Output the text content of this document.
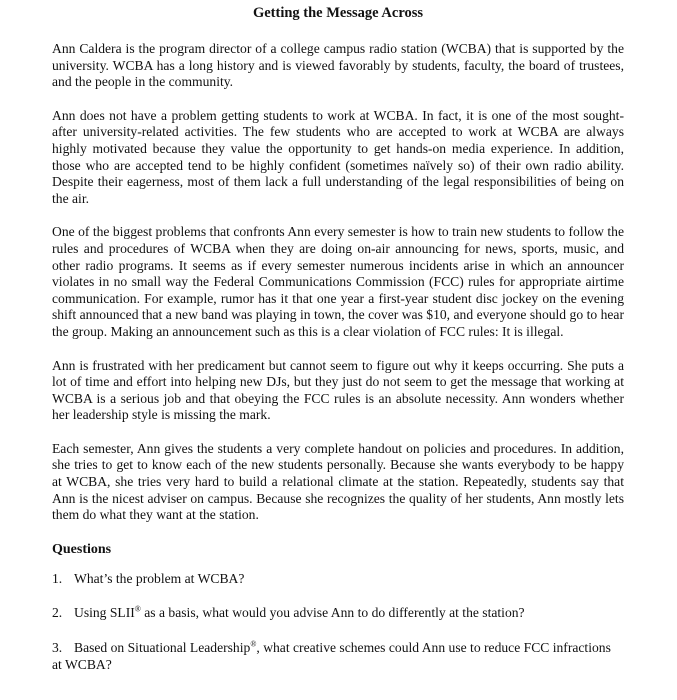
Getting the Message Across

Ann Caldera is the program director of a college campus radio station (WCBA) that is supported by the university. WCBA has a long history and is viewed favorably by students, faculty, the board of trustees, and the people in the community.

Ann does not have a problem getting students to work at WCBA. In fact, it is one of the most sought-after university-related activities. The few students who are accepted to work at WCBA are always highly motivated because they value the opportunity to get hands-on media experience. In addition, those who are accepted tend to be highly confident (sometimes naïvely so) of their own radio ability. Despite their eagerness, most of them lack a full understanding of the legal responsibilities of being on the air.

One of the biggest problems that confronts Ann every semester is how to train new students to follow the rules and procedures of WCBA when they are doing on-air announcing for news, sports, music, and other radio programs. It seems as if every semester numerous incidents arise in which an announcer violates in no small way the Federal Communications Commission (FCC) rules for appropriate airtime communication. For example, rumor has it that one year a first-year student disc jockey on the evening shift announced that a new band was playing in town, the cover was $10, and everyone should go to hear the group. Making an announcement such as this is a clear violation of FCC rules: It is illegal.

Ann is frustrated with her predicament but cannot seem to figure out why it keeps occurring. She puts a lot of time and effort into helping new DJs, but they just do not seem to get the message that working at WCBA is a serious job and that obeying the FCC rules is an absolute necessity. Ann wonders whether her leadership style is missing the mark.

Each semester, Ann gives the students a very complete handout on policies and procedures. In addition, she tries to get to know each of the new students personally. Because she wants everybody to be happy at WCBA, she tries very hard to build a relational climate at the station. Repeatedly, students say that Ann is the nicest adviser on campus. Because she recognizes the quality of her students, Ann mostly lets them do what they want at the station.

Questions

1. What’s the problem at WCBA?

2. Using SLII® as a basis, what would you advise Ann to do differently at the station?

3. Based on Situational Leadership®, what creative schemes could Ann use to reduce FCC infractions at WCBA?
